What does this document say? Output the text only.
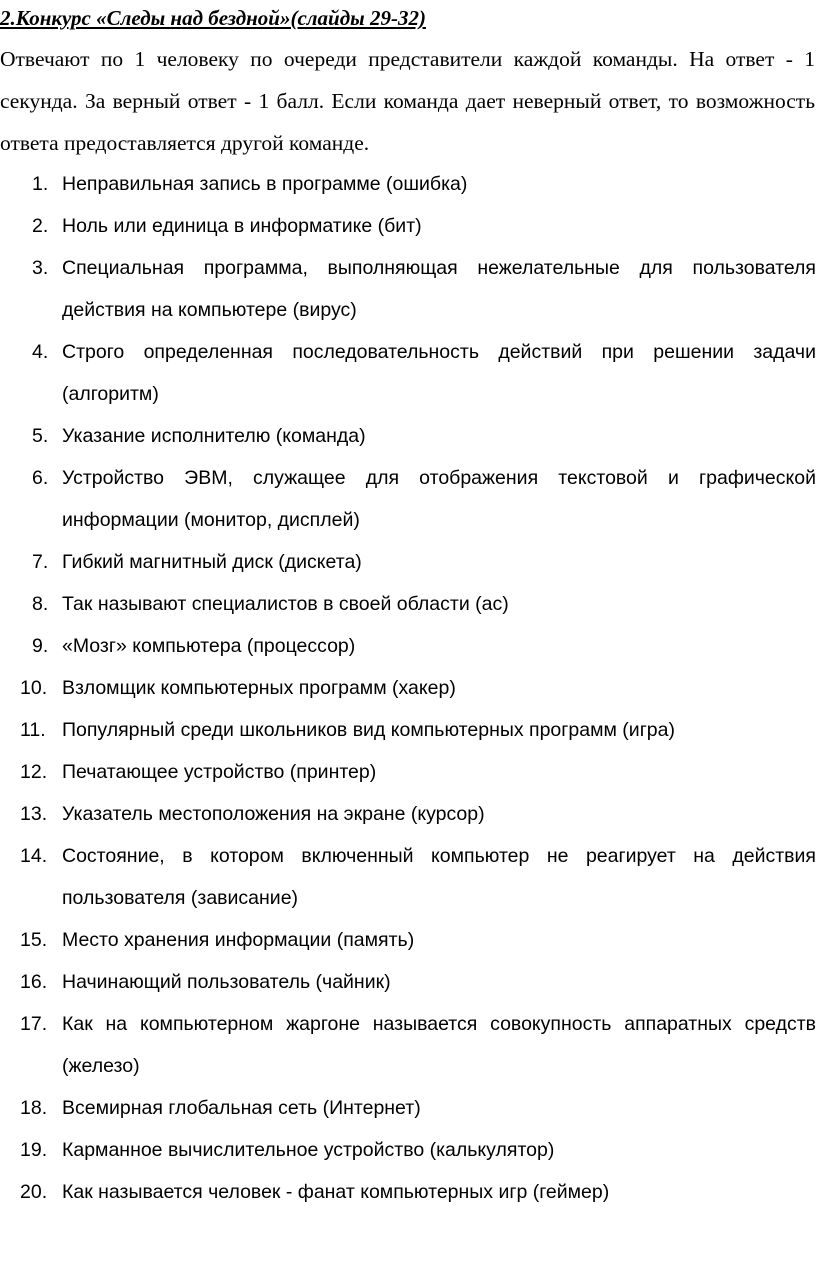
2.Конкурс «Следы над бездной»(слайды 29-32)
Отвечают по 1 человеку по очереди представители каждой команды. На ответ - 1 секунда. За верный ответ - 1 балл. Если команда дает неверный ответ, то возможность ответа предоставляется другой команде.
1. Неправильная запись в программе (ошибка)
2. Ноль или единица в информатике (бит)
3. Специальная программа, выполняющая нежелательные для пользователя действия на компьютере (вирус)
4. Строго определенная последовательность действий при решении задачи (алгоритм)
5. Указание исполнителю (команда)
6. Устройство ЭВМ, служащее для отображения текстовой и графической информации (монитор, дисплей)
7. Гибкий магнитный диск (дискета)
8. Так называют специалистов в своей области (ас)
9. «Мозг» компьютера (процессор)
10. Взломщик компьютерных программ (хакер)
11. Популярный среди школьников вид компьютерных программ (игра)
12. Печатающее устройство (принтер)
13. Указатель местоположения на экране (курсор)
14. Состояние, в котором включенный компьютер не реагирует на действия пользователя (зависание)
15. Место хранения информации (память)
16. Начинающий пользователь (чайник)
17. Как на компьютерном жаргоне называется совокупность аппаратных средств (железо)
18. Всемирная глобальная сеть (Интернет)
19. Карманное вычислительное устройство (калькулятор)
20. Как называется человек - фанат компьютерных игр (геймер)
